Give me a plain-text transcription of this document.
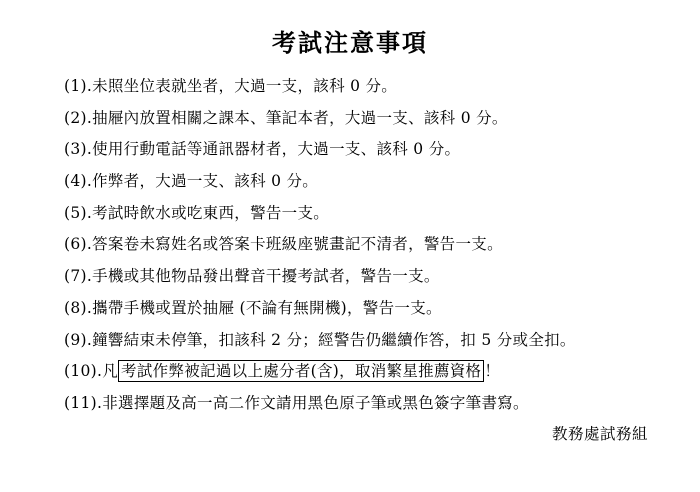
考試注意事項
(1).未照坐位表就坐者，大過一支，該科 0 分。
(2).抽屜內放置相關之課本、筆記本者，大過一支、該科 0 分。
(3).使用行動電話等通訊器材者，大過一支、該科 0 分。
(4).作弊者，大過一支、該科 0 分。
(5).考試時飲水或吃東西，警告一支。
(6).答案卷未寫姓名或答案卡班級座號畫記不清者，警告一支。
(7).手機或其他物品發出聲音干擾考試者，警告一支。
(8).攜帶手機或置於抽屜 (不論有無開機)，警告一支。
(9).鐘響結束未停筆，扣該科 2 分；經警告仍繼續作答，扣 5 分或全扣。
(10).凡 考試作弊被記過以上處分者(含)，取消繁星推薦資格 ！
(11).非選擇題及高一高二作文請用黑色原子筆或黑色簽字筆書寫。
教務處試務組
